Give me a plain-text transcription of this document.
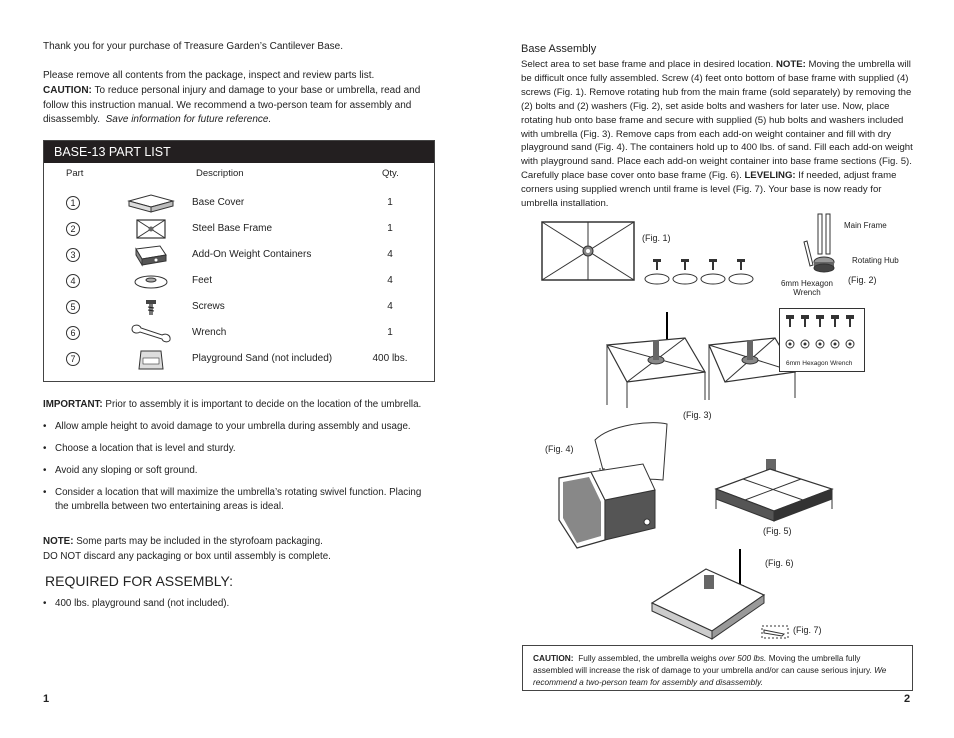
Thank you for your purchase of Treasure Garden’s Cantilever Base.
Please remove all contents from the package, inspect and review parts list.
CAUTION: To reduce personal injury and damage to your base or umbrella, read and follow this instruction manual. We recommend a two-person team for assembly and disassembly. Save information for future reference.
BASE-13 PART LIST
Part	Description	Qty.
1	Base Cover	1
2	Steel Base Frame	1
3	Add-On Weight Containers	4
4	Feet	4
5	Screws	4
6	Wrench	1
7	Playground Sand (not included)	400 lbs.
IMPORTANT: Prior to assembly it is important to decide on the location of the umbrella.
• Allow ample height to avoid damage to your umbrella during assembly and usage.
• Choose a location that is level and sturdy.
• Avoid any sloping or soft ground.
• Consider a location that will maximize the umbrella’s rotating swivel function. Placing the umbrella between two entertaining areas is ideal.
NOTE: Some parts may be included in the styrofoam packaging.
DO NOT discard any packaging or box until assembly is complete.
REQUIRED FOR ASSEMBLY:
• 400 lbs. playground sand (not included).
1
Base Assembly
Select area to set base frame and place in desired location. NOTE: Moving the umbrella will be difficult once fully assembled. Screw (4) feet onto bottom of base frame with supplied (4) screws (Fig. 1). Remove rotating hub from the main frame (sold separately) by removing the (2) bolts and (2) washers (Fig. 2), set aside bolts and washers for later use. Now, place rotating hub onto base frame and secure with supplied (5) hub bolts and washers included with umbrella (Fig. 3). Remove caps from each add-on weight container and fill with dry playground sand (Fig. 4). The containers hold up to 400 lbs. of sand. Fill each add-on weight with playground sand. Place each add-on weight container into base frame sections (Fig. 5). Carefully place base cover onto base frame (Fig. 6). LEVELING: If needed, adjust frame corners using supplied wrench until frame is level (Fig. 7). Your base is now ready for umbrella installation.
(Fig. 1)
Main Frame
Rotating Hub
(Fig. 2)
6mm Hexagon
Wrench
6mm Hexagon Wrench
(Fig. 3)
(Fig. 4)
(Fig. 5)
(Fig. 6)
(Fig. 7)
CAUTION: Fully assembled, the umbrella weighs over 500 lbs. Moving the umbrella fully assembled will increase the risk of damage to your umbrella and/or can cause serious injury. We recommend a two-person team for assembly and disassembly.
2
